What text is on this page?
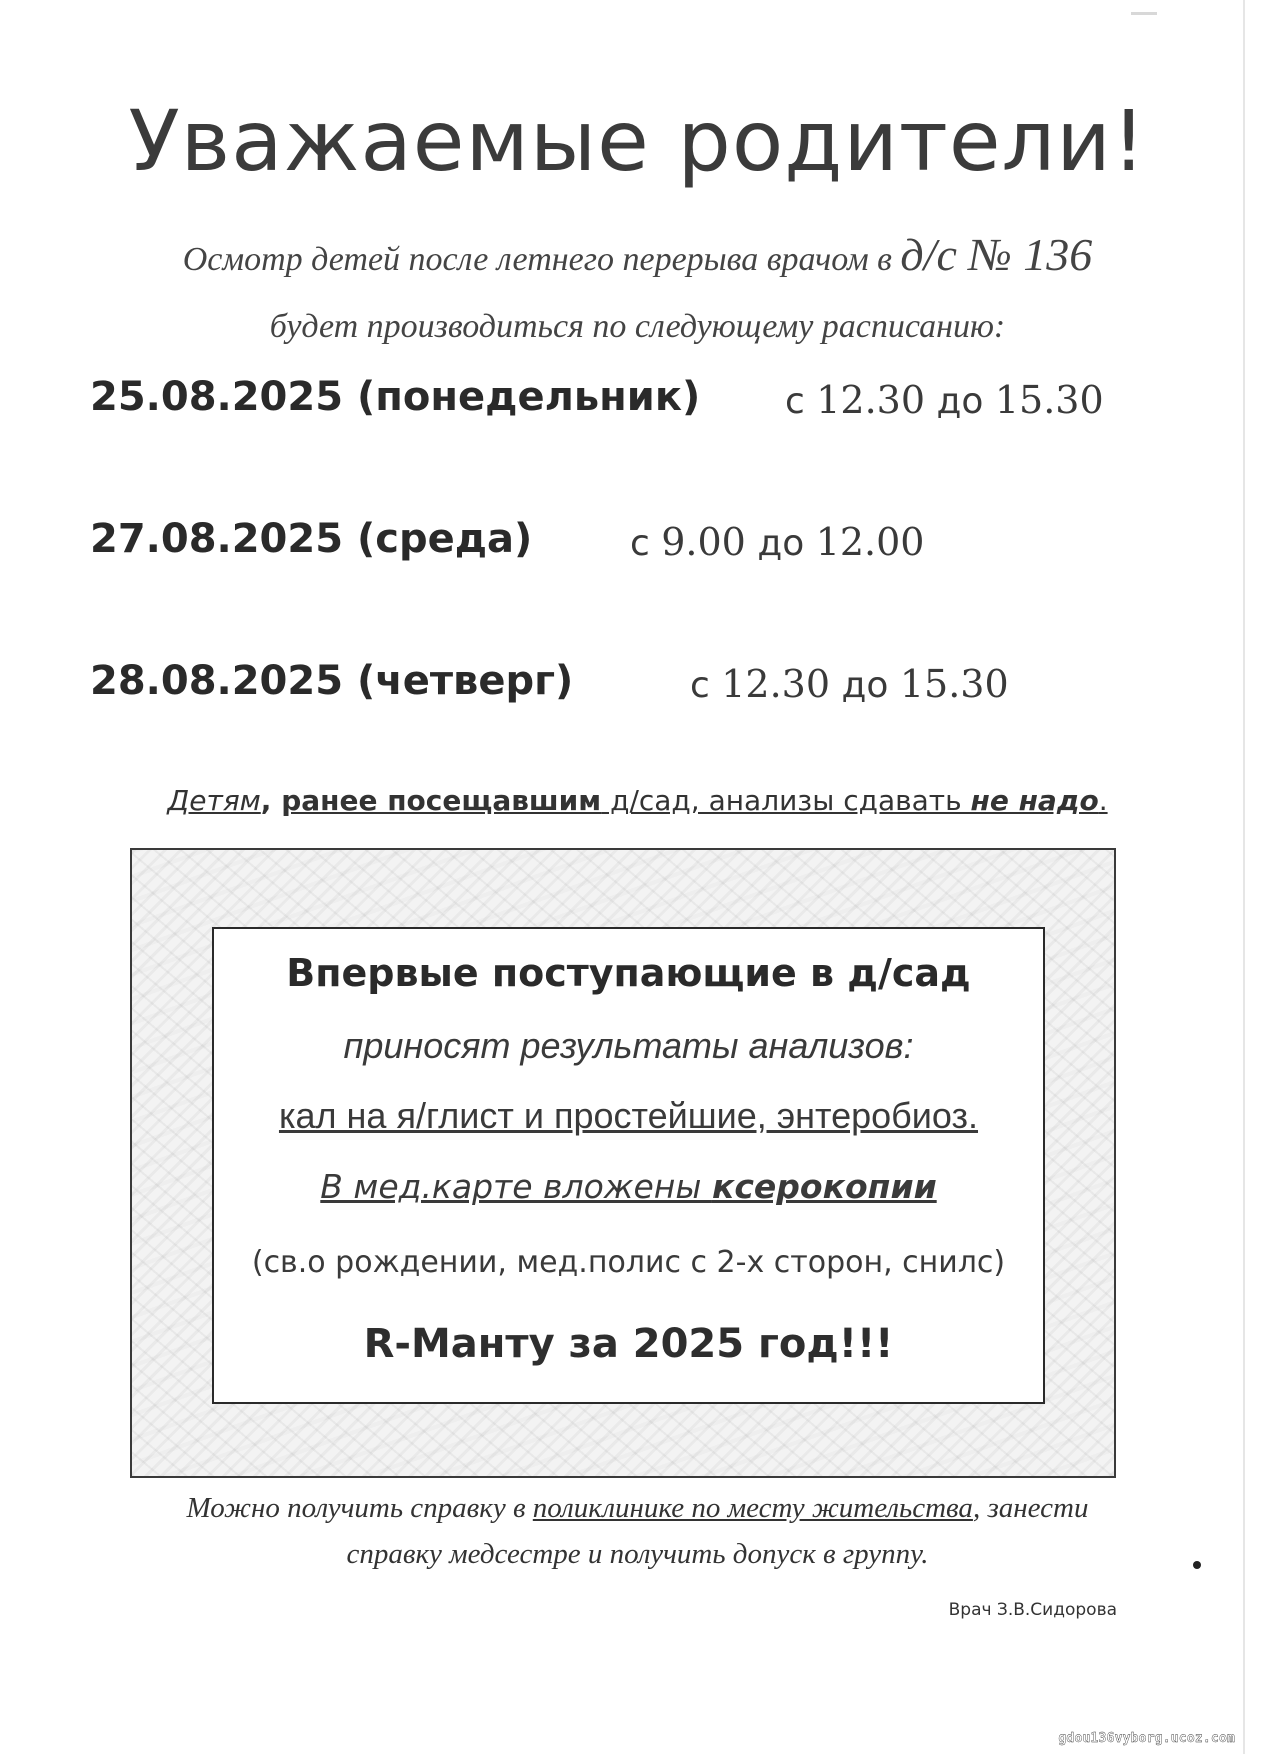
Уважаемые родители!
Осмотр детей после летнего перерыва врачом в д/с № 136
будет производиться по следующему расписанию:
25.08.2025 (понедельник) с 12.30 до 15.30
27.08.2025 (среда)	с 9.00 до 12.00
28.08.2025 (четверг)	с 12.30 до 15.30
Детям, ранее посещавшим д/сад, анализы сдавать не надо.
Впервые поступающие в д/сад
приносят результаты анализов:
кал на я/глист и простейшие, энтеробиоз.
В мед.карте вложены ксерокопии
(св.о рождении, мед.полис с 2-х сторон, снилс)
R-Манту за 2025 год!!!
Можно получить справку в поликлинике по месту жительства, занести
справку медсестре и получить допуск в группу.
Врач З.В.Сидорова
gdou136vyborg.ucoz.com
